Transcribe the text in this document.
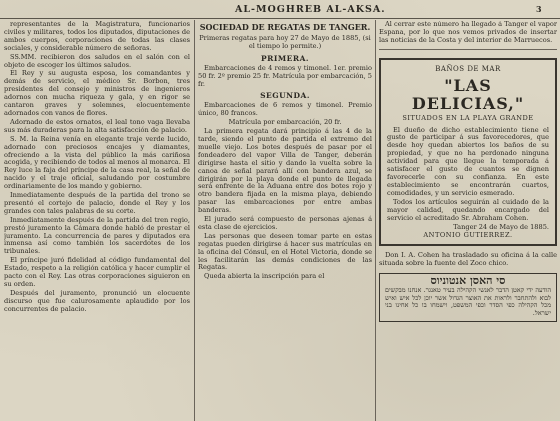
AL-MOGHREB AL-AKSA.	3

representantes de la Magistratura, funcionarios civiles y militares, todos los diputados, diputaciones de ambos cuerpos, corporaciones de todas las clases sociales, y considerable número de señoras.

SS.MM. recibieron dos saludos en el salón con el objeto de escoger los últimos saludos.

El Rey y su augusta esposa, los comandantes y demás de servicio, el médico Sr. Borbon, tres presidentes del consejo y ministros de ingenieros adornos con mucha riqueza y gala, y en rigor se cantaron graves y solemnes, elocuentemente adornados con vanos de flores.

Adornado de estos ornatos, el leal tono vaga llevaba sus más duraderas para la alta satisfacción de palacio.

S. M. la Reina venía en elegante traje verde lucido, adornado con preciosos encajes y diamantes, ofreciendo a la vista del público la más cariñosa acogida, y recibiendo de todos al menos al monarca. El Rey luce la faja del príncipe de la casa real, la señal de nacido y el traje oficial, saludando por costumbre ordinariamente de los mando y gobierno.

Inmediatamente después de la partida del trono se presentó el cortejo de palacio, donde el Rey y los grandes con tales palabras de su corte.

Inmediatamente después de la partida del tren regio, prestó juramento la Cámara donde habló de prestar el juramento. La concurrencia de pares y diputados era inmensa así como también los sacerdotes de los tribunales.

El príncipe juró fidelidad al código fundamental del Estado, respeto a la religión católica y hacer cumplir el pacto con el Rey. Las otras corporaciones siguieron en su orden.

Después del juramento, pronunció un elocuente discurso que fue calurosamente aplaudido por los concurrentes de palacio.

SOCIEDAD DE REGATAS DE TANGER.

Primeras regatas para hoy 27 de Mayo de 1885, (si el tiempo lo permite.)

PRIMERA.

Embarcaciones de 4 remos y timonel. 1er. premio 50 fr. 2º premio 25 fr. Matrícula por embarcación, 5 fr.

SEGUNDA.

Embarcaciones de 6 remos y timonel. Premio único, 80 francos.

Matrícula por embarcación, 20 fr.

La primera regata dará principio á las 4 de la tarde, siendo el punto de partida el extremo del muelle viejo. Los botes después de pasar por el fondeadero del vapor Villa de Tanger, deberán dirigirse hasta el sitio y dando la vuelta sobre la canoa de señal parará allí con bandera azul, se dirigirán por la playa donde el punto de llegada será enfrente de la Aduana entre dos botes rojo y otro bandera fijada en la misma playa, debiendo pasar las embarcaciones por entre ambas banderas.

El jurado será compuesto de personas ajenas á esta clase de ejercicios.

Las personas que deseen tomar parte en estas regatas pueden dirigirse á hacer sus matrículas en la oficina del Cónsul, en el Hotel Victoria, donde se les facilitarán las demás condiciones de las Regatas.

Queda abierta la inscripción para el

Al cerrar este número ha llegado á Tanger el vapor Espana, por lo que nos vemos privados de insertar las noticias de la Costa y del interior de Marruecos.

BAÑOS DE MAR
"LAS DELICIAS,"
SITUADOS EN LA PLAYA GRANDE

El dueño de dicho establecimiento tiene el gusto de participar á sus favorecedores, que desde hoy quedan abiertos los baños de su propiedad, y que no ha perdonado ninguna actividad para que llegue la temporada á satisfacer el gusto de cuantos se dignen favorecerle con su confianza. En este establecimiento se encontrarán cuartos, comodidades, y un servicio esmerado.

Todos los artículos seguirán al cuidado de la mayor calidad, quedando encargado del servicio el acreditado Sr. Abraham Cohen.

Tanger 24 de Mayo de 1885.
ANTONIO GUTIERREZ.

Don I. A. Cohen ha trasladado su oficina á la calle situada sobre la fuente del Zoco chico.

סי האסן אנטוניוס
הודעה ידי קאטן הדבר לאנשי הקהילה בעיר טאנגר. אנחנו מבקשים לבוא ולהתחבר ולראות את האוצר הגדול אשר יוכן לכל איש ואיש מכל הקהילה כפי הסדר וכפי המשפט, וישמחו בו כל אחינו בני ישראל.
